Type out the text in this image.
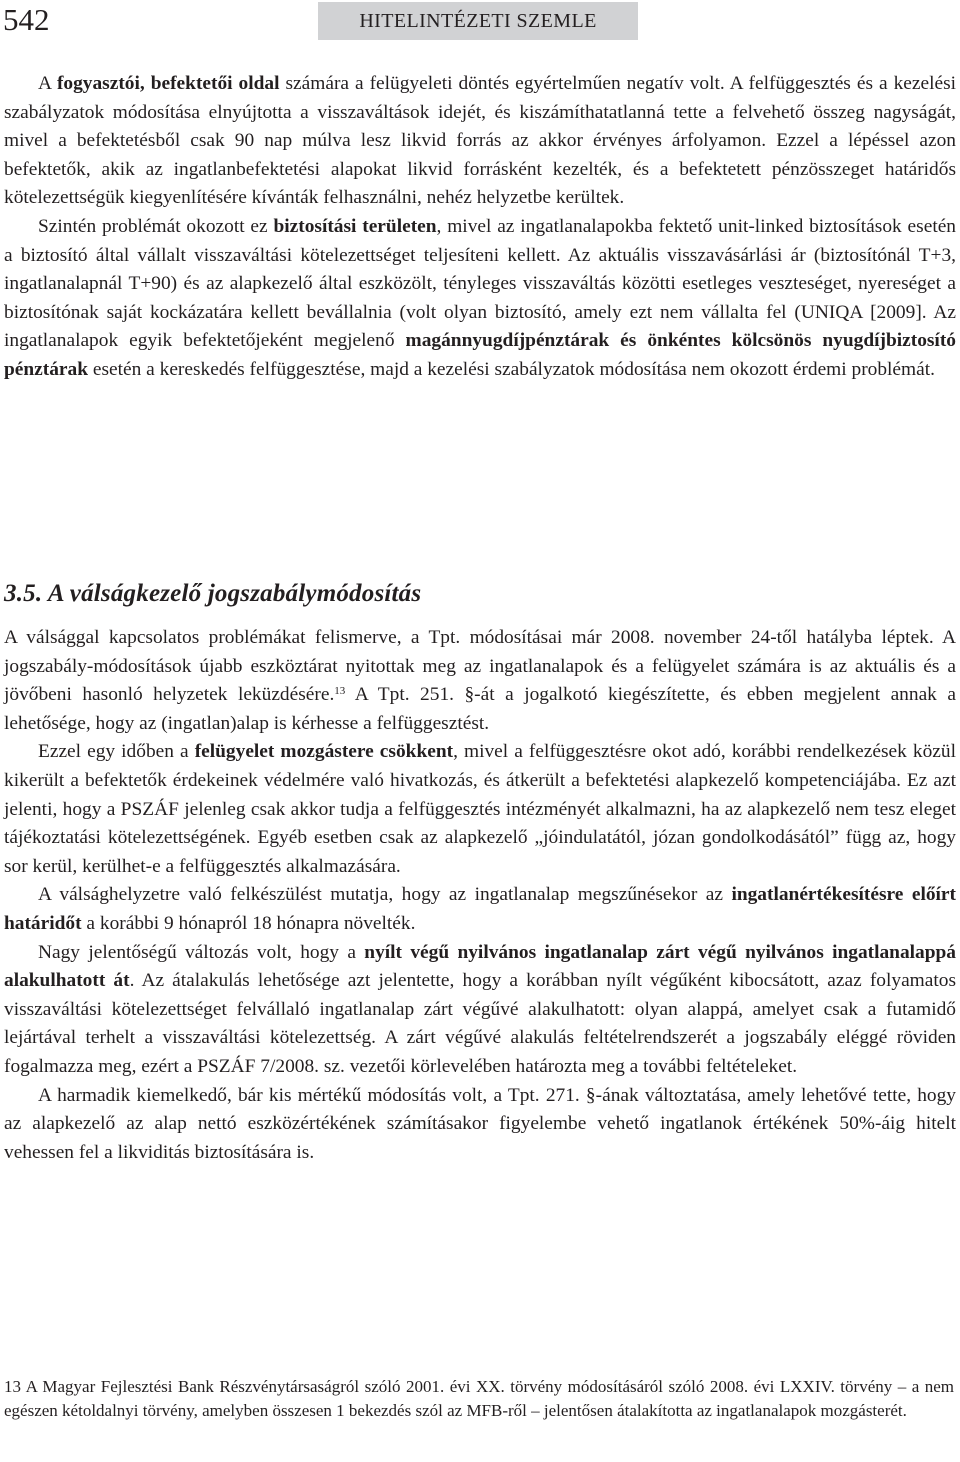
542	HITELINTÉZETI SZEMLE

A fogyasztói, befektetői oldal számára a felügyeleti döntés egyértelműen negatív volt. A felfüggesztés és a kezelési szabályzatok módosítása elnyújtotta a visszaváltások idejét, és kiszámíthatatlanná tette a felvehető összeg nagyságát, mivel a befektetésből csak 90 nap múlva lesz likvid forrás az akkor érvényes árfolyamon. Ezzel a lépéssel azon befektetők, akik az ingatlanbefektetési alapokat likvid forrásként kezelték, és a befektetett pénzösszeget határidős kötelezettségük kiegyenlítésére kívánták felhasználni, nehéz helyzetbe kerültek.

Szintén problémát okozott ez biztosítási területen, mivel az ingatlanalapokba fektető unit-linked biztosítások esetén a biztosító által vállalt visszaváltási kötelezettséget teljesíteni kellett. Az aktuális visszavásárlási ár (biztosítónál T+3, ingatlanalapnál T+90) és az alapkezelő által eszközölt, tényleges visszaváltás közötti esetleges veszteséget, nyereséget a biztosítónak saját kockázatára kellett bevállalnia (volt olyan biztosító, amely ezt nem vállalta fel (UNIQA [2009]. Az ingatlanalapok egyik befektetőjeként megjelenő magánnyugdíjpénztárak és önkéntes kölcsönös nyugdíjbiztosító pénztárak esetén a kereskedés felfüggesztése, majd a kezelési szabályzatok módosítása nem okozott érdemi problémát.

3.5. A válságkezelő jogszabálymódosítás

A válsággal kapcsolatos problémákat felismerve, a Tpt. módosításai már 2008. november 24-től hatályba léptek. A jogszabály-módosítások újabb eszköztárat nyitottak meg az ingatlanalapok és a felügyelet számára is az aktuális és a jövőbeni hasonló helyzetek leküzdésére.$^{13}$ A Tpt. 251. §-át a jogalkotó kiegészítette, és ebben megjelent annak a lehetősége, hogy az (ingatlan)alap is kérhesse a felfüggesztést.

Ezzel egy időben a felügyelet mozgástere csökkent, mivel a felfüggesztésre okot adó, korábbi rendelkezések közül kikerült a befektetők érdekeinek védelmére való hivatkozás, és átkerült a befektetési alapkezelő kompetenciájába. Ez azt jelenti, hogy a PSZÁF jelenleg csak akkor tudja a felfüggesztés intézményét alkalmazni, ha az alapkezelő nem tesz eleget tájékoztatási kötelezettségének. Egyéb esetben csak az alapkezelő „jóindulatától, józan gondolkodásától” függ az, hogy sor kerül, kerülhet-e a felfüggesztés alkalmazására.

A válsághelyzetre való felkészülést mutatja, hogy az ingatlanalap megszűnésekor az ingatlanértékesítésre előírt határidőt a korábbi 9 hónapról 18 hónapra növelték.

Nagy jelentőségű változás volt, hogy a nyílt végű nyilvános ingatlanalap zárt végű nyilvános ingatlanalappá alakulhatott át. Az átalakulás lehetősége azt jelentette, hogy a korábban nyílt végűként kibocsátott, azaz folyamatos visszaváltási kötelezettséget felvállaló ingatlanalap zárt végűvé alakulhatott: olyan alappá, amelyet csak a futamidő lejártával terhelt a visszaváltási kötelezettség. A zárt végűvé alakulás feltételrendszerét a jogszabály eléggé röviden fogalmazza meg, ezért a PSZÁF 7/2008. sz. vezetői körlevelében határozta meg a további feltételeket.

A harmadik kiemelkedő, bár kis mértékű módosítás volt, a Tpt. 271. §-ának változtatása, amely lehetővé tette, hogy az alapkezelő az alap nettó eszközértékének számításakor figyelembe vehető ingatlanok értékének 50%-áig hitelt vehessen fel a likviditás biztosítására is.

13 A Magyar Fejlesztési Bank Részvénytársaságról szóló 2001. évi XX. törvény módosításáról szóló 2008. évi LXXIV. törvény – a nem egészen kétoldalnyi törvény, amelyben összesen 1 bekezdés szól az MFB-ről – jelentősen átalakította az ingatlanalapok mozgásterét.
